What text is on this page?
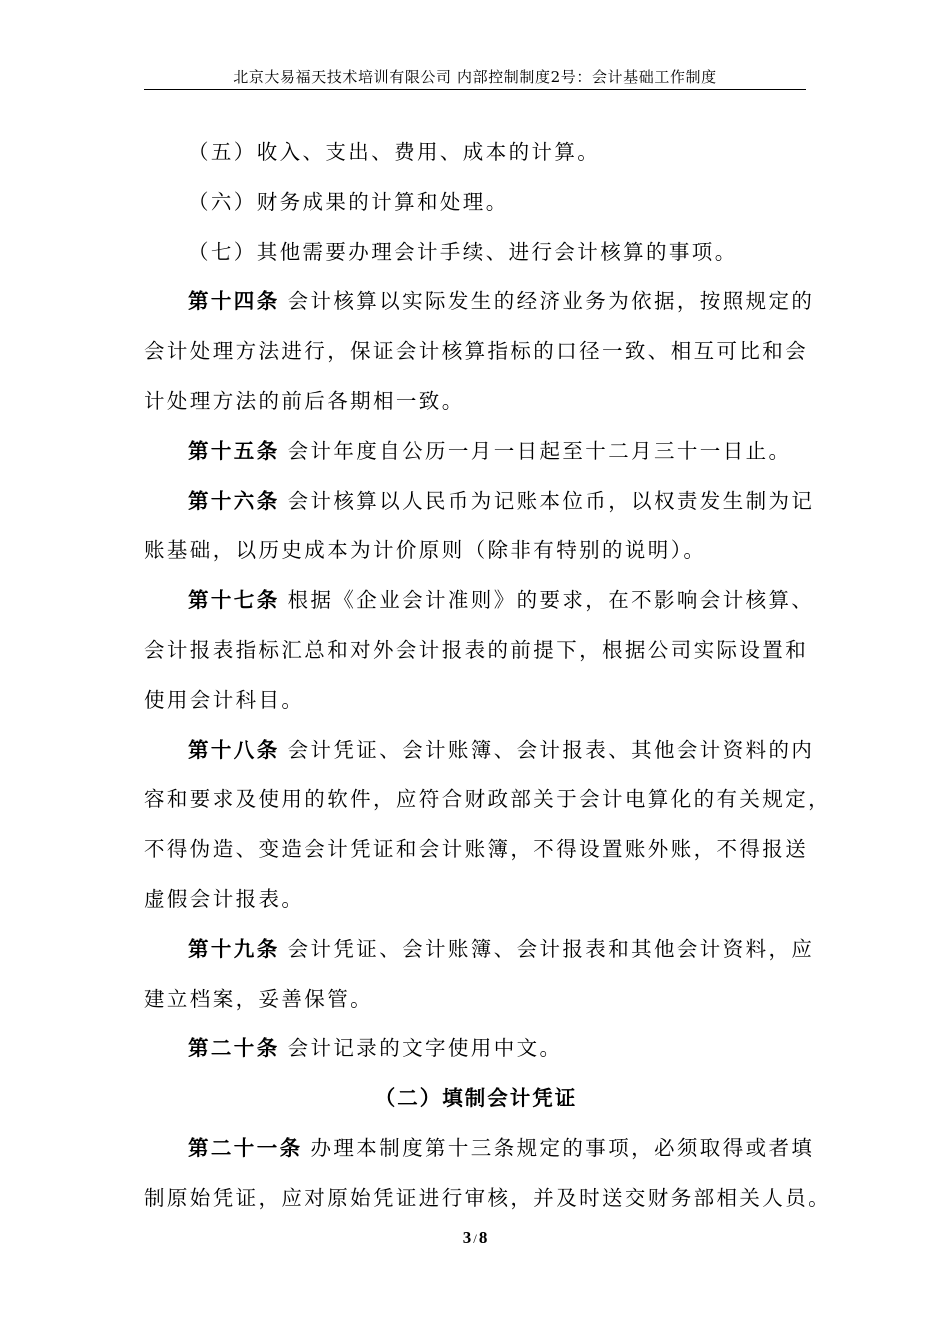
北京大易福天技术培训有限公司 内部控制制度2号：会计基础工作制度
（五）收入、支出、费用、成本的计算。
（六）财务成果的计算和处理。
（七）其他需要办理会计手续、进行会计核算的事项。
第十四条 会计核算以实际发生的经济业务为依据，按照规定的
会计处理方法进行，保证会计核算指标的口径一致、相互可比和会
计处理方法的前后各期相一致。
第十五条 会计年度自公历一月一日起至十二月三十一日止。
第十六条 会计核算以人民币为记账本位币，以权责发生制为记
账基础，以历史成本为计价原则（除非有特别的说明）。
第十七条 根据《企业会计准则》的要求，在不影响会计核算、
会计报表指标汇总和对外会计报表的前提下，根据公司实际设置和
使用会计科目。
第十八条 会计凭证、会计账簿、会计报表、其他会计资料的内
容和要求及使用的软件，应符合财政部关于会计电算化的有关规定，
不得伪造、变造会计凭证和会计账簿，不得设置账外账，不得报送
虚假会计报表。
第十九条 会计凭证、会计账簿、会计报表和其他会计资料，应
建立档案，妥善保管。
第二十条 会计记录的文字使用中文。
（二）填制会计凭证
第二十一条 办理本制度第十三条规定的事项，必须取得或者填
制原始凭证，应对原始凭证进行审核，并及时送交财务部相关人员。
3 / 8
